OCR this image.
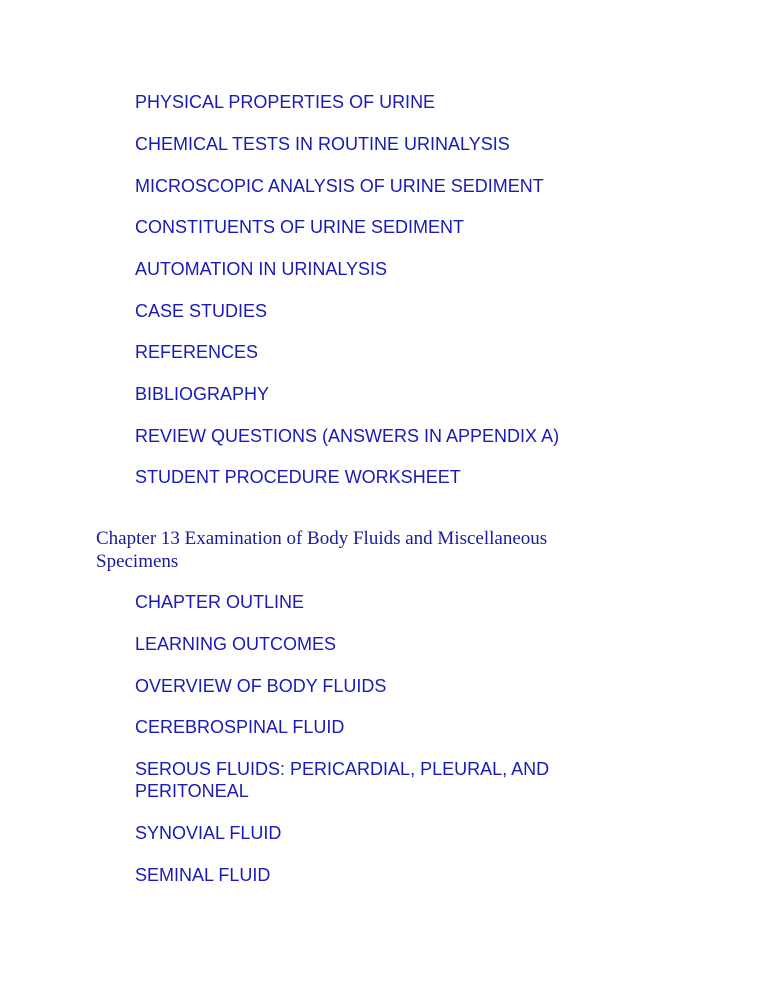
PHYSICAL PROPERTIES OF URINE
CHEMICAL TESTS IN ROUTINE URINALYSIS
MICROSCOPIC ANALYSIS OF URINE SEDIMENT
CONSTITUENTS OF URINE SEDIMENT
AUTOMATION IN URINALYSIS
CASE STUDIES
REFERENCES
BIBLIOGRAPHY
REVIEW QUESTIONS (ANSWERS IN APPENDIX A)
STUDENT PROCEDURE WORKSHEET
Chapter 13 Examination of Body Fluids and Miscellaneous Specimens
CHAPTER OUTLINE
LEARNING OUTCOMES
OVERVIEW OF BODY FLUIDS
CEREBROSPINAL FLUID
SEROUS FLUIDS: PERICARDIAL, PLEURAL, AND PERITONEAL
SYNOVIAL FLUID
SEMINAL FLUID
